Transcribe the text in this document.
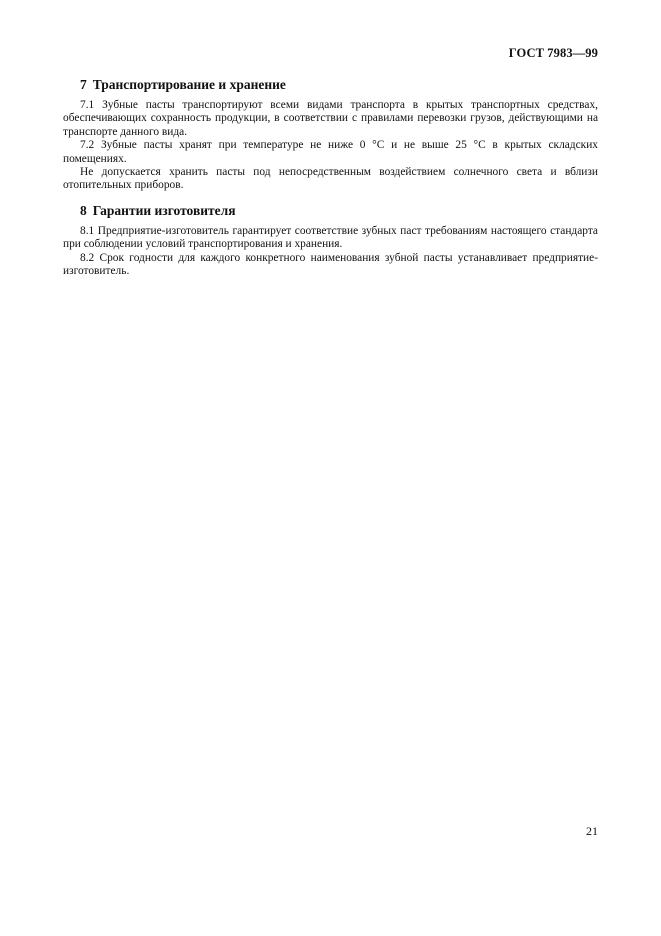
ГОСТ 7983—99
7 Транспортирование и хранение

7.1 Зубные пасты транспортируют всеми видами транспорта в крытых транспортных средствах, обеспечивающих сохранность продукции, в соответствии с правилами перевозки грузов, действующими на транспорте данного вида.

7.2 Зубные пасты хранят при температуре не ниже 0 °С и не выше 25 °С в крытых складских помещениях.

Не допускается хранить пасты под непосредственным воздействием солнечного света и вблизи отопительных приборов.

8 Гарантии изготовителя

8.1 Предприятие-изготовитель гарантирует соответствие зубных паст требованиям настоящего стандарта при соблюдении условий транспортирования и хранения.

8.2 Срок годности для каждого конкретного наименования зубной пасты устанавливает предприятие-изготовитель.

21
